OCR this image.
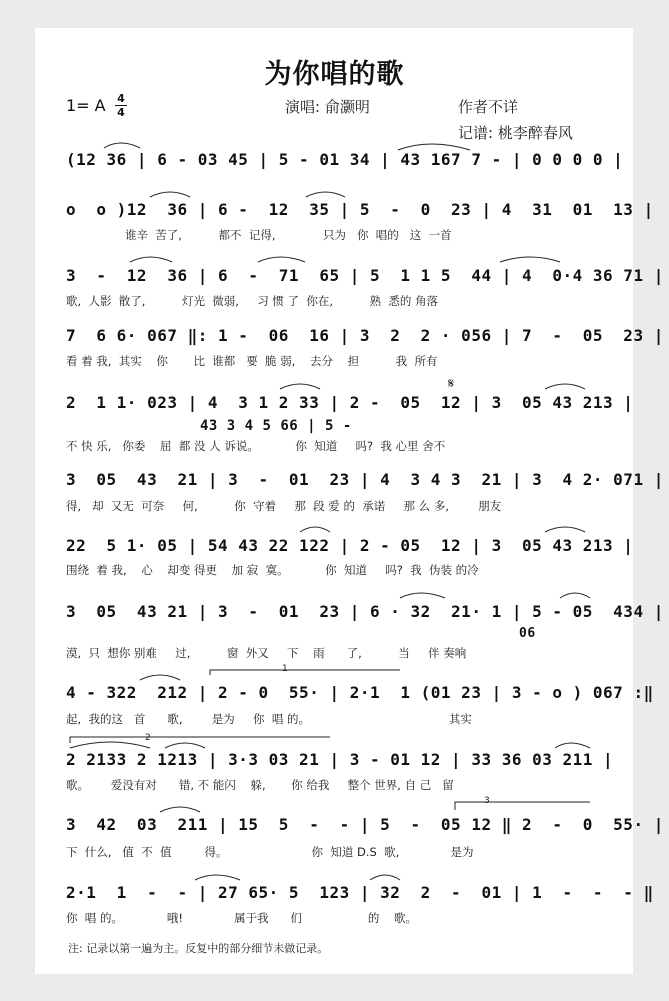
为你唱的歌
1= A 4
4	演唱: 俞灏明	作者不详
记谱: 桃李醉春风
(12 36 | 6 - 03 45 | 5 - 01 34 | 43 167 7 - | 0 0 0 0 |
o  o )12  36 | 6 -  12  35 | 5  -  0  23 | 4  31  01  13 |
谁辛  苦了,          都不  记得,             只为   你  唱的   这  一首
3  -  12  36 | 6  -  71  65 | 5  1 1 5  44 | 4  0·4 36 71 |
歌,  人影  散了,          灯光  微弱,     习 惯 了  你在,          熟  悉的 角落
7  6 6· 067 ‖: 1 -  06  16 | 3  2  2 · 056 | 7  -  05  23 |
看 着 我,  其实    你       比  谁都   要  脆 弱,    去分    担          我  所有
2  1 1· 023 | 4  3 1 2 33 | 2 -  05  12 | 3  05 43 213 |
43 3 4 5 66 | 5 -
不 快 乐,   你委    屈  都 没 人 诉说。          你  知道     吗?  我 心里 舍不
𝄋
3  05  43  21 | 3  -  01  23 | 4  3 4 3  21 | 3  4 2· 071 |
得,   却  又无  可奈     何,          你  守着     那  段 爱 的  承诺     那 么 多,        朋友
22  5 1· 05 | 54 43 22 122 | 2 - 05  12 | 3  05 43 213 |
围绕  着 我,    心    却变 得更    加 寂  寞。          你  知道     吗?  我  伪装 的冷
3  05  43 21 | 3  -  01  23 | 6 · 32  21· 1 | 5 - 05  434 |
06
漠,  只  想你 别难     过,          窗  外又     下    雨      了,          当     伴 奏响
1
4 - 322  212 | 2 - 0  55· | 2·1  1 (01 23 | 3 - o ) 067 :‖
起,  我的这   首      歌,        是为     你  唱 的。                                      其实
2
2 2133 2 1213 | 3·3 03 21 | 3 - 01 12 | 33 36 03 211 |
歌。      爱没有对      错, 不 能闪    躲,       你 给我     整个 世界, 自 己   留
3
3  42  03  211 | 15  5  -  - | 5  -  05 12 ‖ 2  -  0  55· |
下  什么,   值  不  值         得。                       你  知道 D.S  歌,              是为
2·1  1  -  - | 27 65· 5  123 | 32  2  -  01 | 1  -  -  - ‖
你  唱 的。            哦!              属于我      们                  的    歌。
注: 记录以第一遍为主。反复中的部分细节未做记录。
